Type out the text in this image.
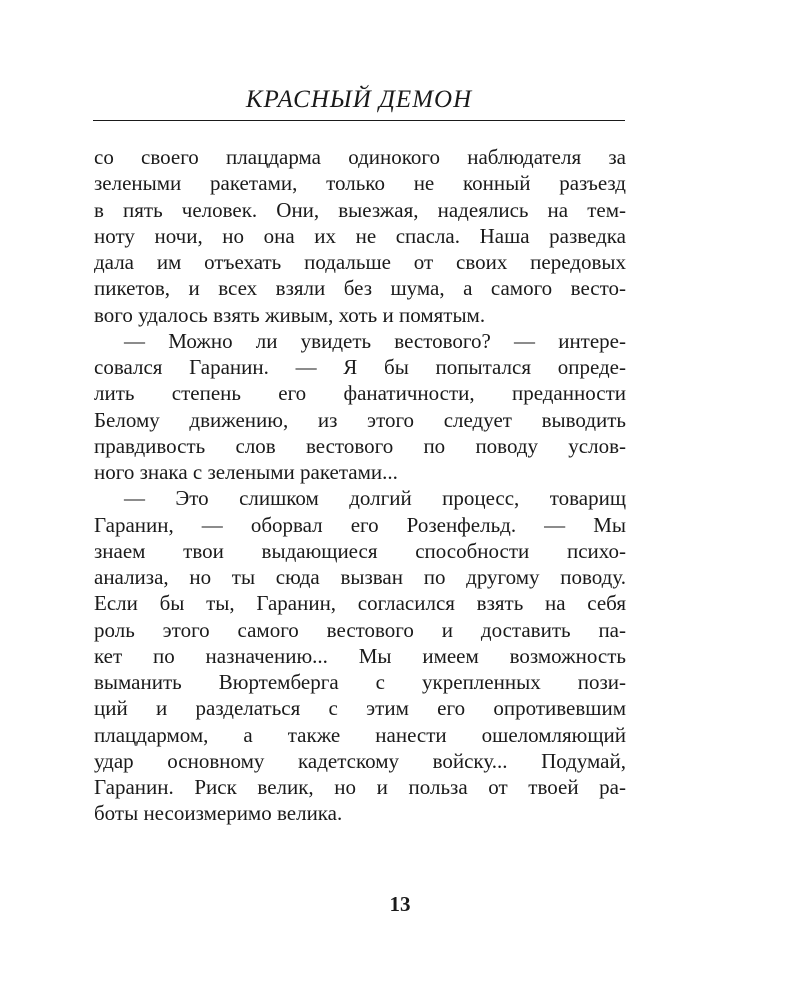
КРАСНЫЙ ДЕМОН
со своего плацдарма одинокого наблюдателя за
зелеными ракетами, только не конный разъезд
в пять человек. Они, выезжая, надеялись на тем-
ноту ночи, но она их не спасла. Наша разведка
дала им отъехать подальше от своих передовых
пикетов, и всех взяли без шума, а самого весто-
вого удалось взять живым, хоть и помятым.
— Можно ли увидеть вестового? — интере-
совался Гаранин. — Я бы попытался опреде-
лить степень его фанатичности, преданности
Белому движению, из этого следует выводить
правдивость слов вестового по поводу услов-
ного знака с зелеными ракетами...
— Это слишком долгий процесс, товарищ
Гаранин, — оборвал его Розенфельд. — Мы
знаем твои выдающиеся способности психо-
анализа, но ты сюда вызван по другому поводу.
Если бы ты, Гаранин, согласился взять на себя
роль этого самого вестового и доставить па-
кет по назначению... Мы имеем возможность
выманить Вюртемберга с укрепленных пози-
ций и разделаться с этим его опротивевшим
плацдармом, а также нанести ошеломляющий
удар основному кадетскому войску... Подумай,
Гаранин. Риск велик, но и польза от твоей ра-
боты несоизмеримо велика.
13
